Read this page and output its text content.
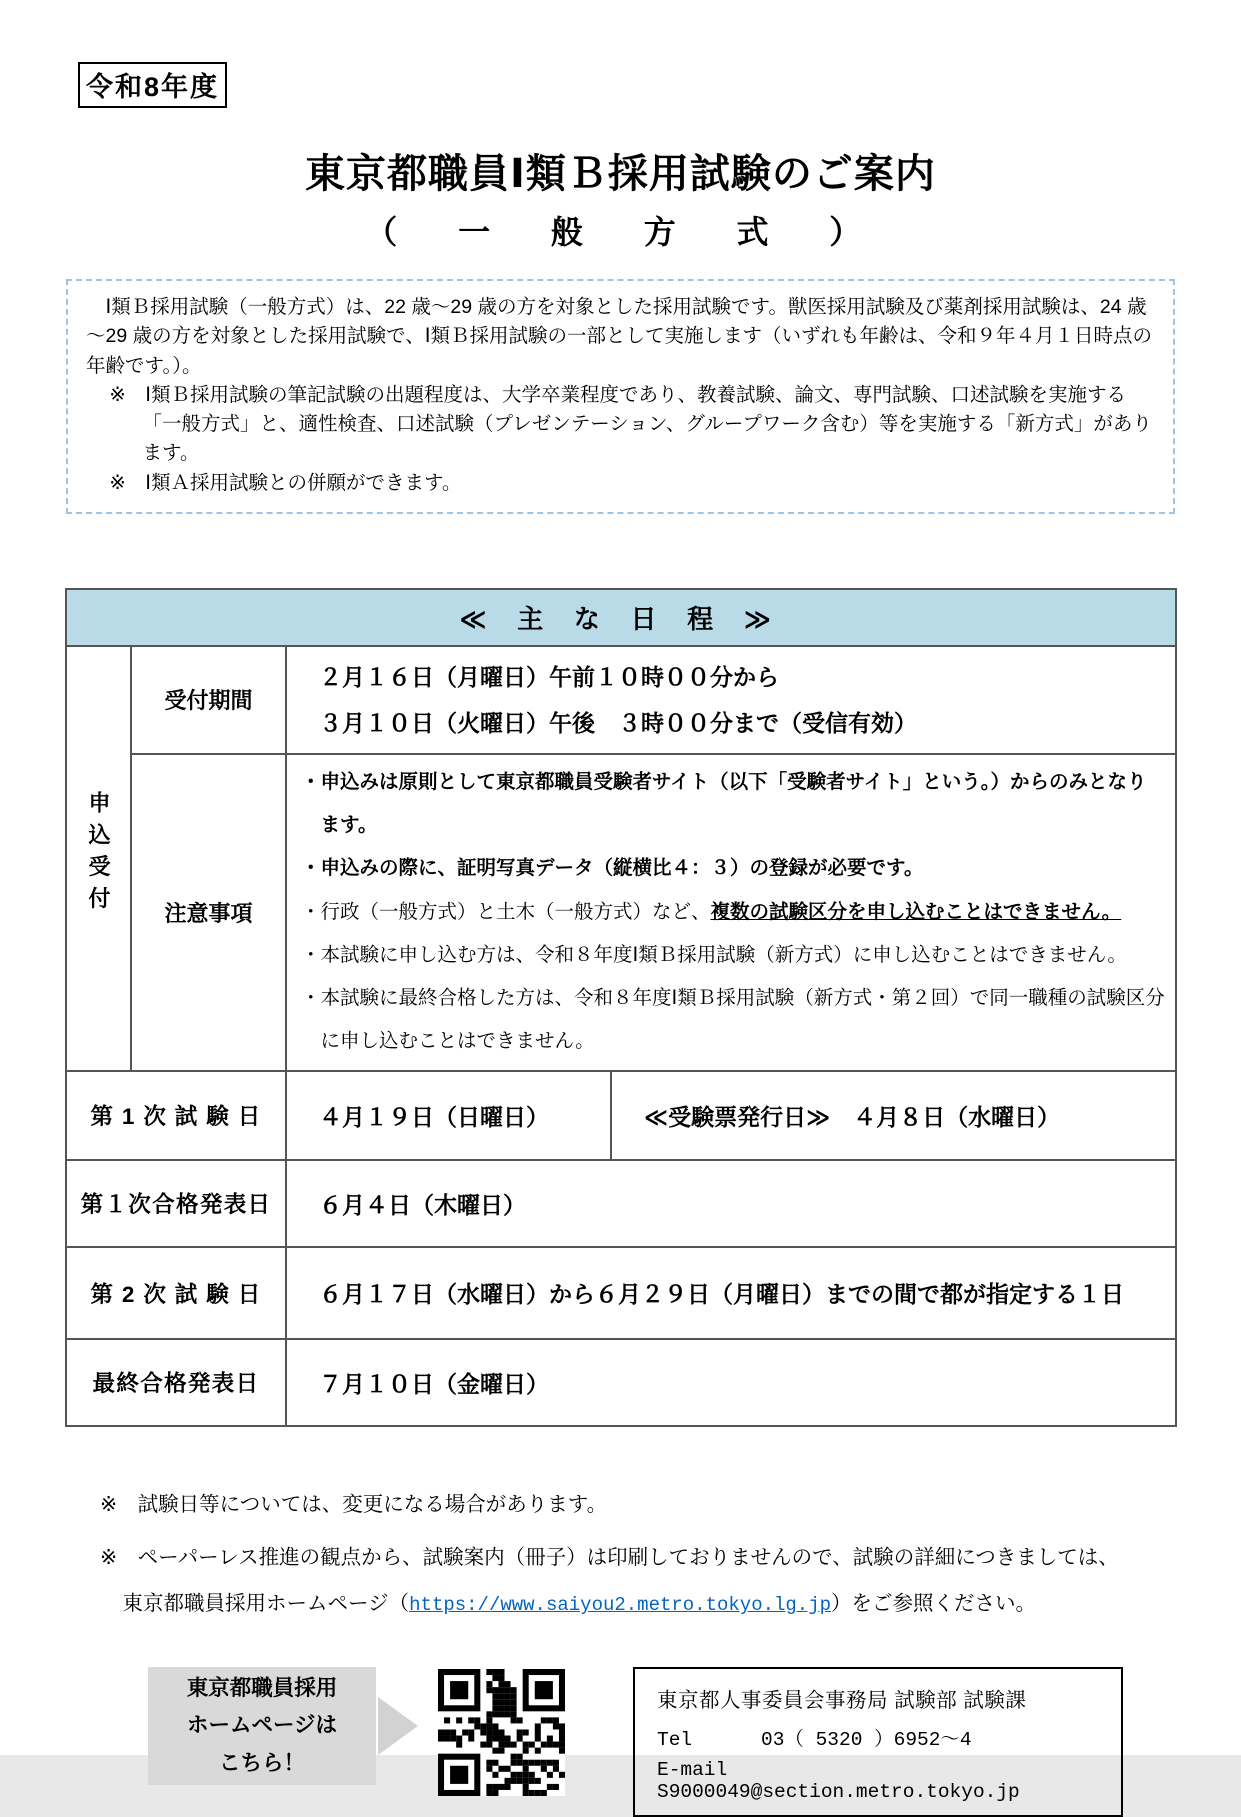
令和8年度
東京都職員Ⅰ類Ｂ採用試験のご案内
（　一　般　方　式　）
　Ⅰ類Ｂ採用試験（一般方式）は、22 歳～29 歳の方を対象とした採用試験です。獣医採用試験及び薬剤採用試験は、24 歳～29 歳の方を対象とした採用試験で、Ⅰ類Ｂ採用試験の一部として実施します（いずれも年齢は、令和９年４月１日時点の年齢です。）。
※　Ⅰ類Ｂ採用試験の筆記試験の出題程度は、大学卒業程度であり、教養試験、論文、専門試験、口述試験を実施する「一般方式」と、適性検査、口述試験（プレゼンテーション、グループワーク含む）等を実施する「新方式」があります。
※　Ⅰ類Ａ採用試験との併願ができます。
≪ 主 な 日 程 ≫			
申込受付	受付期間	２月１６日（月曜日）午前１０時００分から
３月１０日（火曜日）午後　３時００分まで（受信有効）	

	注意事項	・申込みは原則として東京都職員受験者サイト（以下「受験者サイト」という。）からのみとなります。
・申込みの際に、証明写真データ（縦横比４：３）の登録が必要です。
・行政（一般方式）と土木（一般方式）など、複数の試験区分を申し込むことはできません。
・本試験に申し込む方は、令和８年度Ⅰ類Ｂ採用試験（新方式）に申し込むことはできません。
・本試験に最終合格した方は、令和８年度Ⅰ類Ｂ採用試験（新方式・第２回）で同一職種の試験区分に申し込むことはできません。	

第 1 次 試 験 日		４月１９日（日曜日）	≪受験票発行日≫　４月８日（水曜日）
第１次合格発表日		６月４日（木曜日）	
第 2 次 試 験 日		６月１７日（水曜日）から６月２９日（月曜日）までの間で都が指定する１日	
最終合格発表日		７月１０日（金曜日）	
※　試験日等については、変更になる場合があります。
※　ペーパーレス推進の観点から、試験案内（冊子）は印刷しておりませんので、試験の詳細につきましては、
東京都職員採用ホームページ（https://www.saiyou2.metro.tokyo.lg.jp）をご参照ください。
東京都職員採用
ホームページは
こちら！
東京都人事委員会事務局 試験部 試験課
Tel	03（ 5320 ）6952～4
E-mailS9000049@section.metro.tokyo.jp
